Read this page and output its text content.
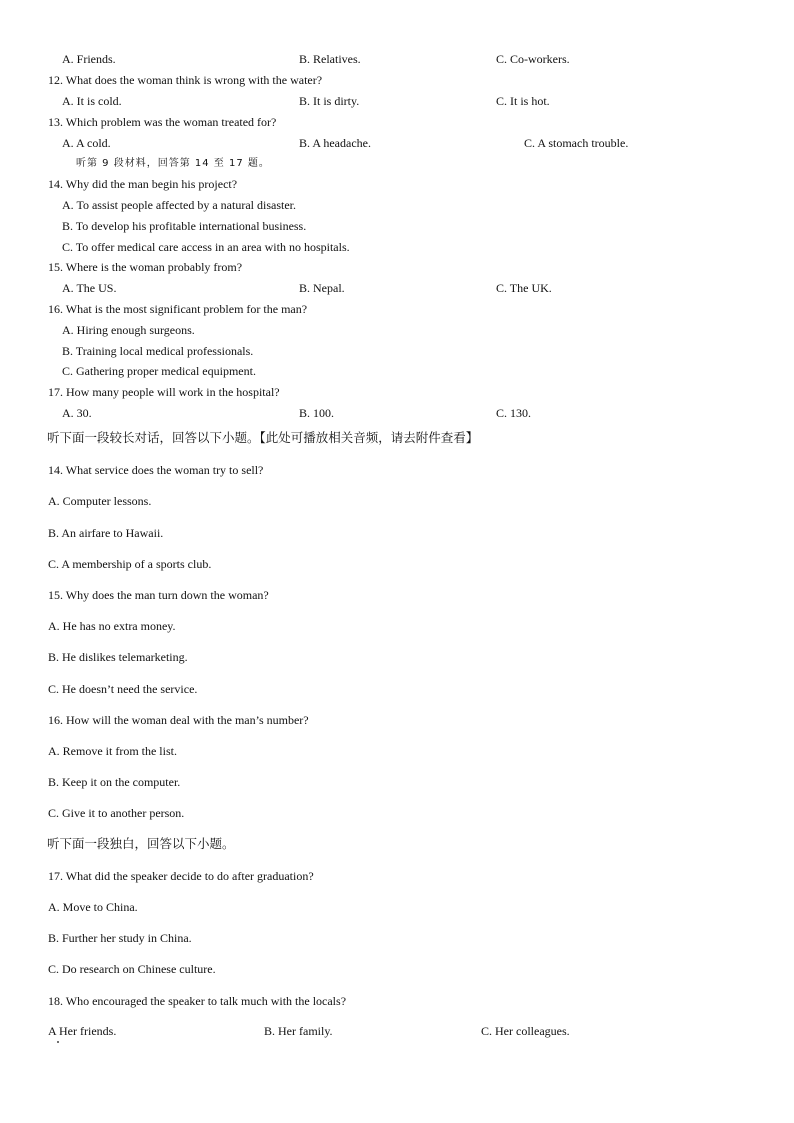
A. Friends.	B. Relatives.	C. Co-workers.
12. What does the woman think is wrong with the water?
A. It is cold.	B. It is dirty.	C. It is hot.
13. Which problem was the woman treated for?
A. A cold.	B. A headache.	C. A stomach trouble.
听第 9 段材料，回答第 14 至 17 题。
14. Why did the man begin his project?
A. To assist people affected by a natural disaster.
B. To develop his profitable international business.
C. To offer medical care access in an area with no hospitals.
15. Where is the woman probably from?
A. The US.	B. Nepal.	C. The UK.
16. What is the most significant problem for the man?
A. Hiring enough surgeons.
B. Training local medical professionals.
C. Gathering proper medical equipment.
17. How many people will work in the hospital?
A. 30.	B. 100.	C. 130.
听下面一段较长对话，回答以下小题。【此处可播放相关音频，请去附件查看】
14. What service does the woman try to sell?
A. Computer lessons.
B. An airfare to Hawaii.
C. A membership of a sports club.
15. Why does the man turn down the woman?
A. He has no extra money.
B. He dislikes telemarketing.
C. He doesn’t need the service.
16. How will the woman deal with the man’s number?
A. Remove it from the list.
B. Keep it on the computer.
C. Give it to another person.
听下面一段独白，回答以下小题。
17. What did the speaker decide to do after graduation?
A. Move to China.
B. Further her study in China.
C. Do research on Chinese culture.
18. Who encouraged the speaker to talk much with the locals?
A Her friends.	B. Her family.	C. Her colleagues.
